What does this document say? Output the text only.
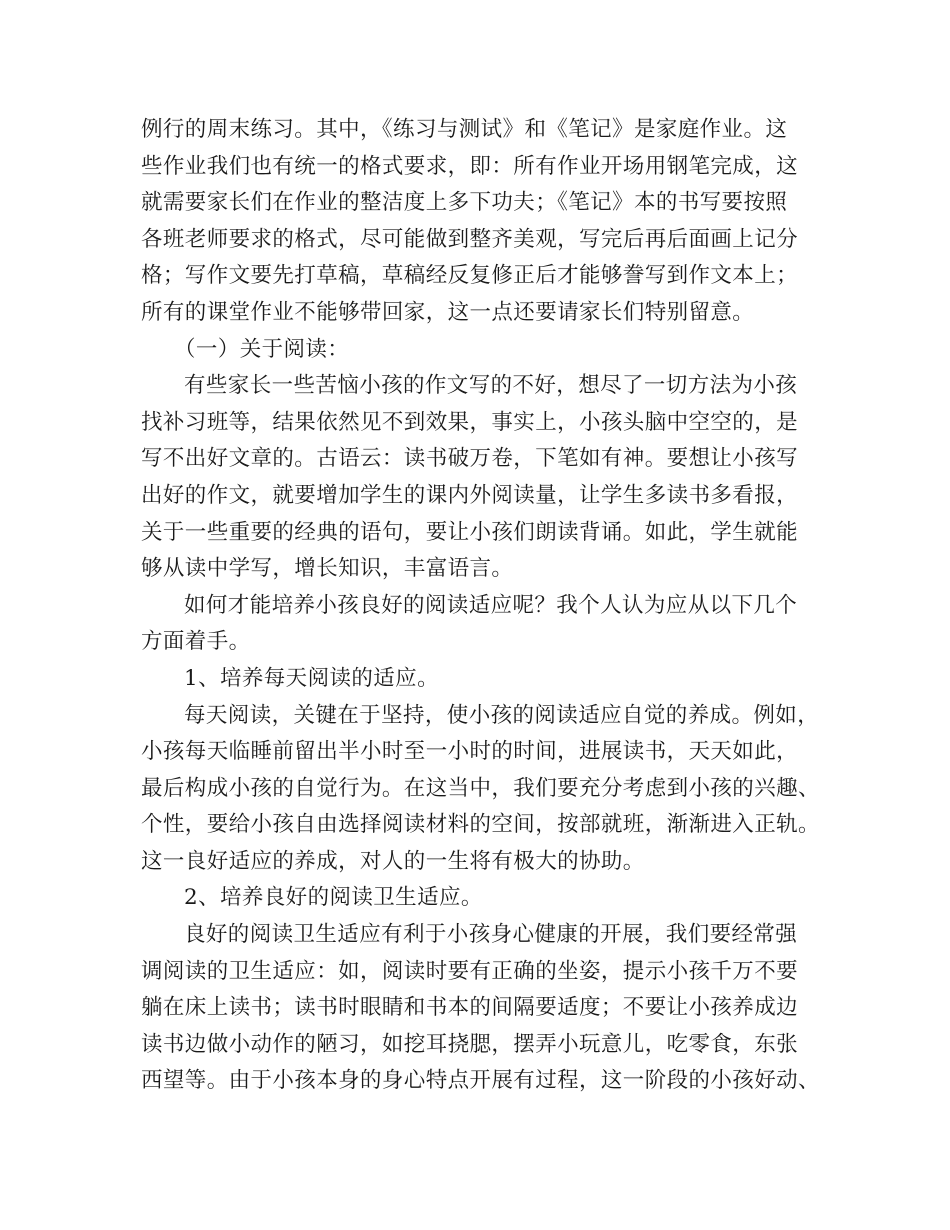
例行的周末练习。其中，《练习与测试》和《笔记》是家庭作业。这
些作业我们也有统一的格式要求，即：所有作业开场用钢笔完成，这
就需要家长们在作业的整洁度上多下功夫；《笔记》本的书写要按照
各班老师要求的格式，尽可能做到整齐美观，写完后再后面画上记分
格；写作文要先打草稿，草稿经反复修正后才能够誊写到作文本上；
所有的课堂作业不能够带回家，这一点还要请家长们特别留意。
（一）关于阅读：
有些家长一些苦恼小孩的作文写的不好，想尽了一切方法为小孩
找补习班等，结果依然见不到效果，事实上，小孩头脑中空空的，是
写不出好文章的。古语云：读书破万卷，下笔如有神。要想让小孩写
出好的作文，就要增加学生的课内外阅读量，让学生多读书多看报，
关于一些重要的经典的语句，要让小孩们朗读背诵。如此，学生就能
够从读中学写，增长知识，丰富语言。
如何才能培养小孩良好的阅读适应呢？我个人认为应从以下几个
方面着手。
1、培养每天阅读的适应。
每天阅读，关键在于坚持，使小孩的阅读适应自觉的养成。例如，
小孩每天临睡前留出半小时至一小时的时间，进展读书，天天如此，
最后构成小孩的自觉行为。在这当中，我们要充分考虑到小孩的兴趣、
个性，要给小孩自由选择阅读材料的空间，按部就班，渐渐进入正轨。
这一良好适应的养成，对人的一生将有极大的协助。
2、培养良好的阅读卫生适应。
良好的阅读卫生适应有利于小孩身心健康的开展，我们要经常强
调阅读的卫生适应：如，阅读时要有正确的坐姿，提示小孩千万不要
躺在床上读书；读书时眼睛和书本的间隔要适度；不要让小孩养成边
读书边做小动作的陋习，如挖耳挠腮，摆弄小玩意儿，吃零食，东张
西望等。由于小孩本身的身心特点开展有过程，这一阶段的小孩好动、
